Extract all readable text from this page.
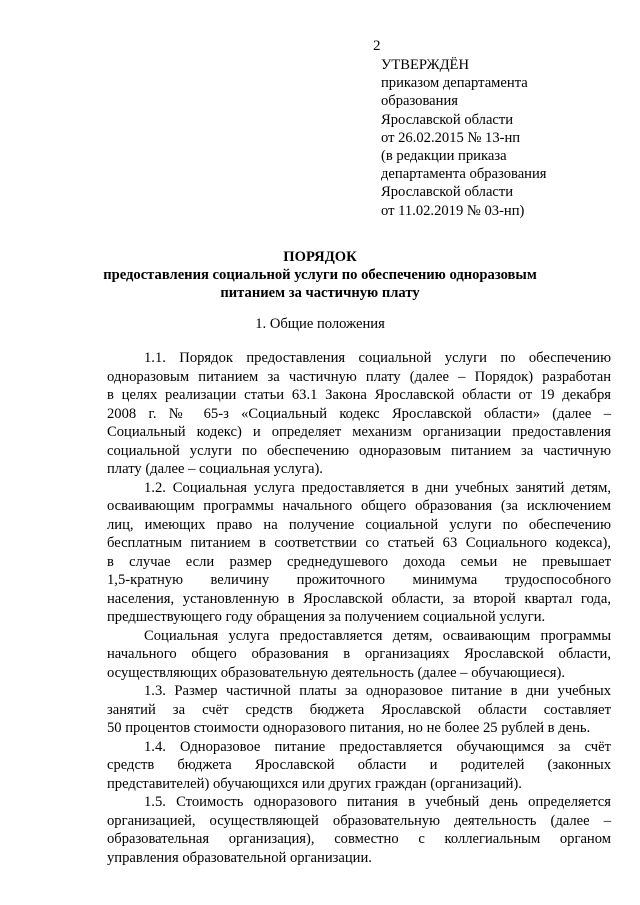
2
УТВЕРЖДЁН
приказом департамента
образования
Ярославской области
от 26.02.2015 № 13-нп
(в редакции приказа
департамента образования
Ярославской области
от 11.02.2019 № 03-нп)
ПОРЯДОК
предоставления социальной услуги по обеспечению одноразовым
питанием за частичную плату
1. Общие положения
1.1. Порядок предоставления социальной услуги по обеспечению
одноразовым питанием за частичную плату (далее – Порядок) разработан
в целях реализации статьи 63.1 Закона Ярославской области от 19 декабря
2008 г. № 65-з «Социальный кодекс Ярославской области» (далее –
Социальный кодекс) и определяет механизм организации предоставления
социальной услуги по обеспечению одноразовым питанием за частичную
плату (далее – социальная услуга).
1.2. Социальная услуга предоставляется в дни учебных занятий детям,
осваивающим программы начального общего образования (за исключением
лиц, имеющих право на получение социальной услуги по обеспечению
бесплатным питанием в соответствии со статьей 63 Социального кодекса),
в случае если размер среднедушевого дохода семьи не превышает
1,5-кратную величину прожиточного минимума трудоспособного
населения, установленную в Ярославской области, за второй квартал года,
предшествующего году обращения за получением социальной услуги.
Социальная услуга предоставляется детям, осваивающим программы
начального общего образования в организациях Ярославской области,
осуществляющих образовательную деятельность (далее – обучающиеся).
1.3. Размер частичной платы за одноразовое питание в дни учебных
занятий за счёт средств бюджета Ярославской области составляет
50 процентов стоимости одноразового питания, но не более 25 рублей в день.
1.4. Одноразовое питание предоставляется обучающимся за счёт
средств бюджета Ярославской области и родителей (законных
представителей) обучающихся или других граждан (организаций).
1.5. Стоимость одноразового питания в учебный день определяется
организацией, осуществляющей образовательную деятельность (далее –
образовательная организация), совместно с коллегиальным органом
управления образовательной организации.
